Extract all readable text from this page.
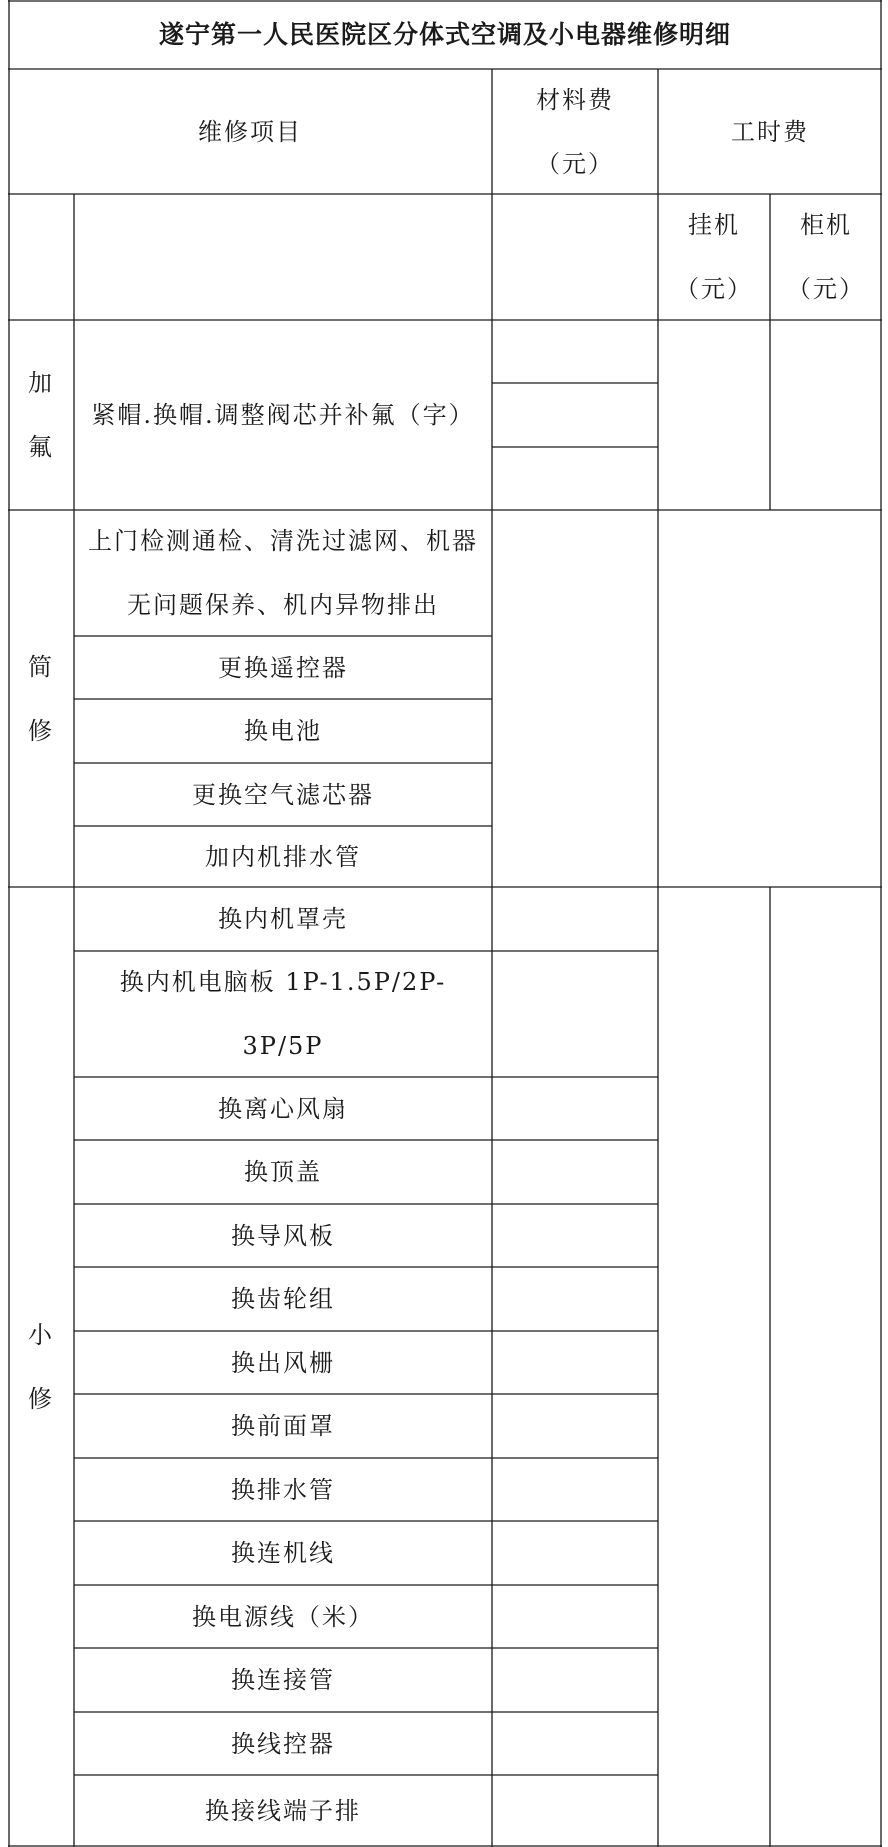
遂宁第一人民医院区分体式空调及小电器维修明细
维修项目
材料费
（元）
工时费
挂机
（元）
柜机
（元）
加
氟
紧帽.换帽.调整阀芯并补氟（字）
简
修
上门检测通检、清洗过滤网、机器无问题保养、机内异物排出
更换遥控器
换电池
更换空气滤芯器
加内机排水管
小
修
换内机罩壳
换内机电脑板 1P-1.5P/2P-3P/5P
换离心风扇
换顶盖
换导风板
换齿轮组
换出风栅
换前面罩
换排水管
换连机线
换电源线（米）
换连接管
换线控器
换接线端子排
